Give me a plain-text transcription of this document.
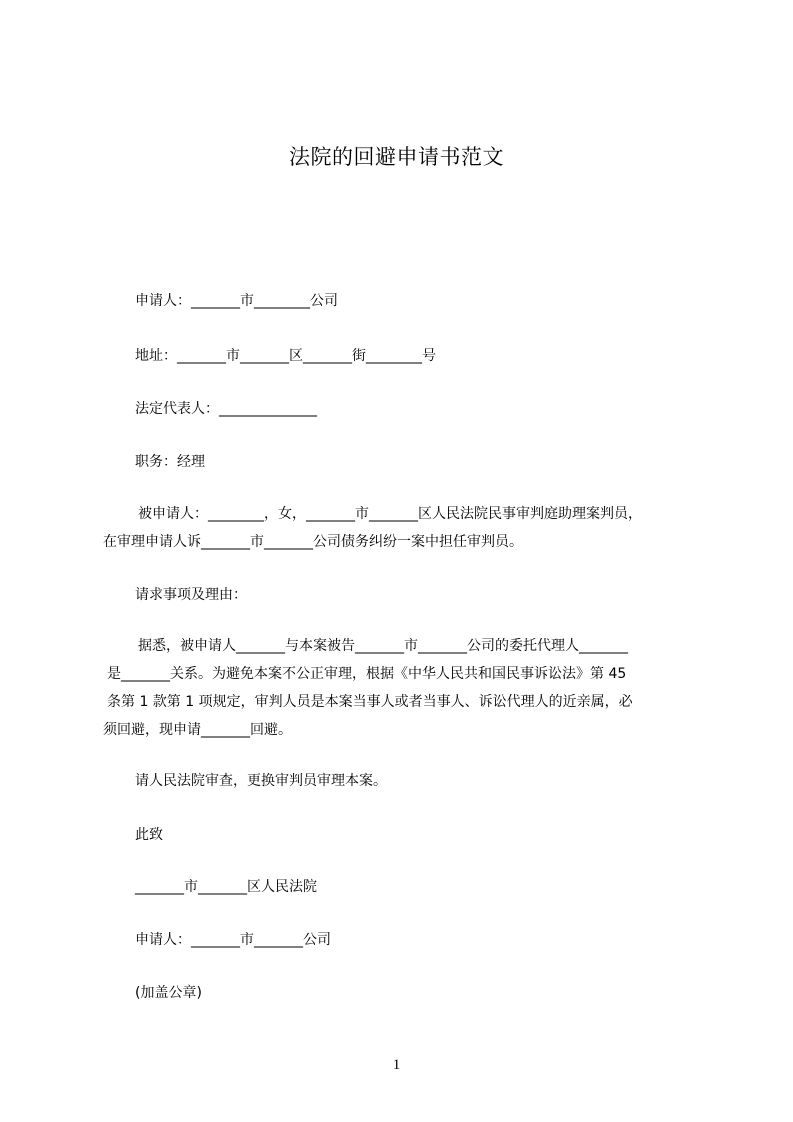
法院的回避申请书范文
申请人：_______市________公司
地址：_______市_______区_______街________号
法定代表人：______________
职务：经理
被申请人：________，女，_______市_______区人民法院民事审判庭助理案判员，
在审理申请人诉_______市_______公司债务纠纷一案中担任审判员。
请求事项及理由：
据悉，被申请人_______与本案被告_______市_______公司的委托代理人_______
是_______关系。为避免本案不公正审理，根据《中华人民共和国民事诉讼法》第 45
条第 1 款第 1 项规定，审判人员是本案当事人或者当事人、诉讼代理人的近亲属，必
须回避，现申请_______回避。
请人民法院审查，更换审判员审理本案。
此致
_______市_______区人民法院
申请人：_______市_______公司
(加盖公章)
1
